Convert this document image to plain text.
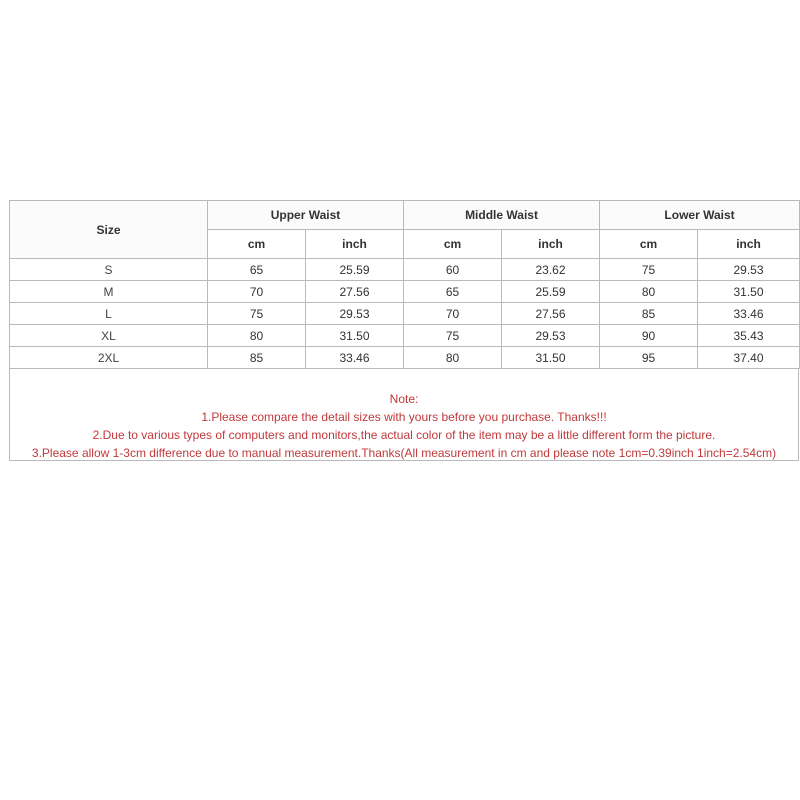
Size	Upper Waist		Middle Waist		Lower Waist	
	cm	inch	cm	inch	cm	inch
S	65	25.59	60	23.62	75	29.53
M	70	27.56	65	25.59	80	31.50
L	75	29.53	70	27.56	85	33.46
XL	80	31.50	75	29.53	90	35.43
2XL	85	33.46	80	31.50	95	37.40
Note:
1.Please compare the detail sizes with yours before you purchase. Thanks!!!
2.Due to various types of computers and monitors,the actual color of the item may be a little different form the picture.
3.Please allow 1-3cm difference due to manual measurement.Thanks(All measurement in cm and please note 1cm=0.39inch 1inch=2.54cm)
